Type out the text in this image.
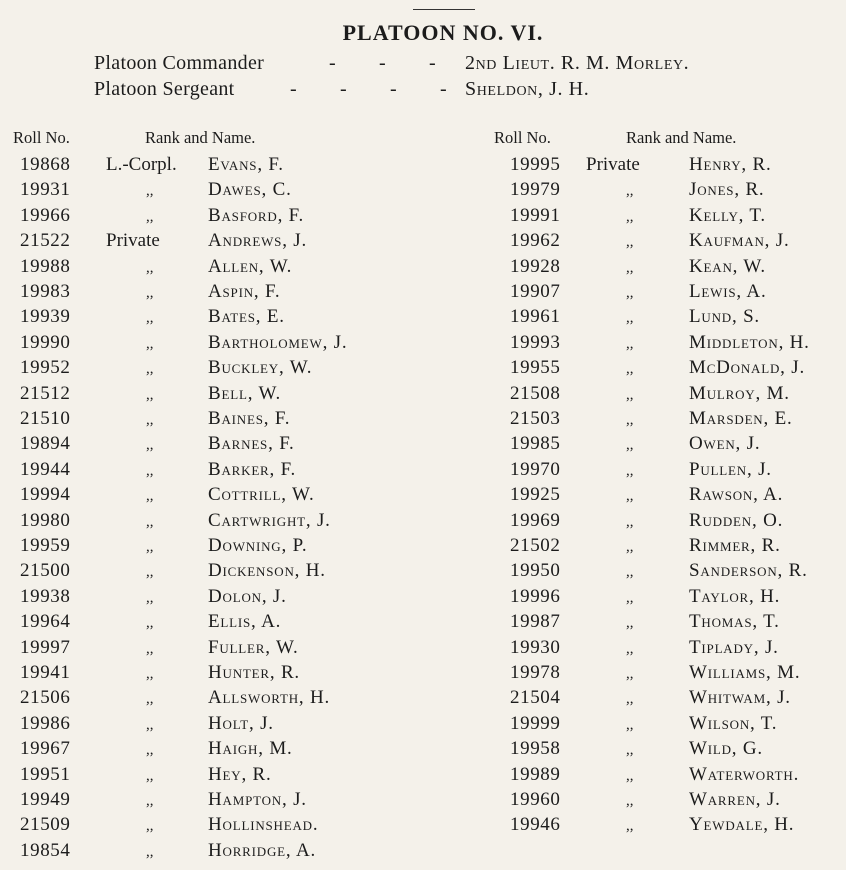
PLATOON NO. VI.
Platoon Commander	- - -	2nd Lieut. R. M. Morley.
Platoon Sergeant	- - - - Sheldon, J. H.
Roll No.	Rank and Name.	Roll No.	Rank and Name.
19868 L.-Corpl. Evans, F.
19931	,,	Dawes, C.
19966	,,	Basford, F.
21522 Private	Andrews, J.
19988	,,	Allen, W.
19983	,,	Aspin, F.
19939	,,	Bates, E.
19990	,,	Bartholomew, J.
19952	,,	Buckley, W.
21512	,,	Bell, W.
21510	,,	Baines, F.
19894	,,	Barnes, F.
19944	,,	Barker, F.
19994	,,	Cottrill, W.
19980	,,	Cartwright, J.
19959	,,	Downing, P.
21500	,,	Dickenson, H.
19938	,,	Dolon, J.
19964	,,	Ellis, A.
19997	,,	Fuller, W.
19941	,,	Hunter, R.
21506	,,	Allsworth, H.
19986	,,	Holt, J.
19967	,,	Haigh, M.
19951	,,	Hey, R.
19949	,,	Hampton, J.
21509	,,	Hollinshead.
19854	,,	Horridge, A.
19995 Private	Henry, R.
19979	,,	Jones, R.
19991	,,	Kelly, T.
19962	,,	Kaufman, J.
19928	,,	Kean, W.
19907	,,	Lewis, A.
19961	,,	Lund, S.
19993	,,	Middleton, H.
19955	,,	McDonald, J.
21508	,,	Mulroy, M.
21503	,,	Marsden, E.
19985	,,	Owen, J.
19970	,,	Pullen, J.
19925	,,	Rawson, A.
19969	,,	Rudden, O.
21502	,,	Rimmer, R.
19950	,,	Sanderson, R.
19996	,,	Taylor, H.
19987	,,	Thomas, T.
19930	,,	Tiplady, J.
19978	,,	Williams, M.
21504	,,	Whitwam, J.
19999	,,	Wilson, T.
19958	,,	Wild, G.
19989	,,	Waterworth.
19960	,,	Warren, J.
19946	,,	Yewdale, H.
